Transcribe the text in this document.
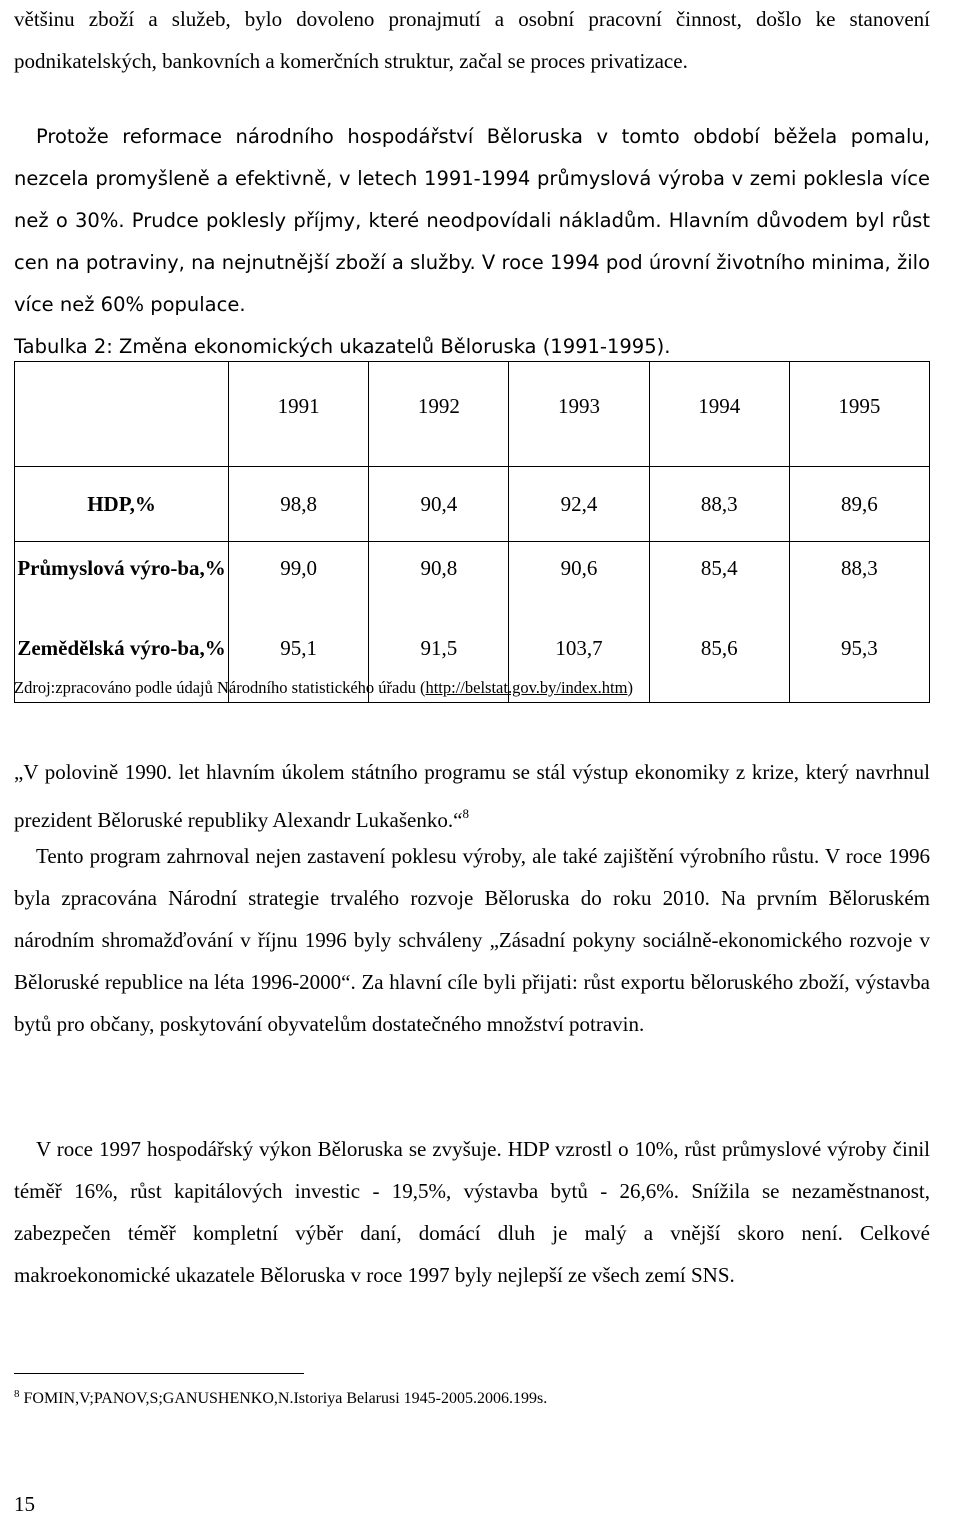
většinu zboží a služeb, bylo dovoleno pronajmutí a osobní pracovní činnost, došlo ke stanovení podnikatelských, bankovních a komerčních struktur, začal se proces privatizace.
Protože reformace národního hospodářství Běloruska v tomto období běžela pomalu, nezcela promyšleně a efektivně, v letech 1991-1994 průmyslová výroba v zemi poklesla více než o 30%. Prudce poklesly příjmy, které neodpovídali nákladům. Hlavním důvodem byl růst cen na potraviny, na nejnutnější zboží a služby. V roce 1994 pod úrovní životního minima, žilo více než 60% populace.
Tabulka 2: Změna ekonomických ukazatelů Běloruska (1991-1995).
	1991	1992	1993	1994	1995
HDP,%	98,8	90,4	92,4	88,3	89,6
Průmyslová výro-ba,%	99,0	90,8	90,6	85,4	88,3
Zemědělská výro-ba,%	95,1	91,5	103,7	85,6	95,3
Zdroj:zpracováno podle údajů Národního statistického úřadu (http://belstat.gov.by/index.htm)
„V polovině 1990. let hlavním úkolem státního programu se stál výstup ekonomiky z krize, který navrhnul prezident Běloruské republiky Alexandr Lukašenko.“$^8$
Tento program zahrnoval nejen zastavení poklesu výroby, ale také zajištění výrobního růstu. V roce 1996 byla zpracována Národní strategie trvalého rozvoje Běloruska do roku 2010. Na prvním Běloruském národním shromažďování v říjnu 1996 byly schváleny „Zásadní pokyny sociálně-ekonomického rozvoje v Běloruské republice na léta 1996-2000“. Za hlavní cíle byli přijati: růst exportu běloruského zboží, výstavba bytů pro občany, poskytování obyvatelům dostatečného množství potravin.
V roce 1997 hospodářský výkon Běloruska se zvyšuje. HDP vzrostl o 10%, růst průmyslové výroby činil téměř 16%, růst kapitálových investic - 19,5%, výstavba bytů - 26,6%. Snížila se nezaměstnanost, zabezpečen téměř kompletní výběr daní, domácí dluh je malý a vnější skoro není. Celkové makroekonomické ukazatele Běloruska v roce 1997 byly nejlepší ze všech zemí SNS.
$^8$ FOMIN,V;PANOV,S;GANUSHENKO,N.Istoriya Belarusi 1945-2005.2006.199s.
15
